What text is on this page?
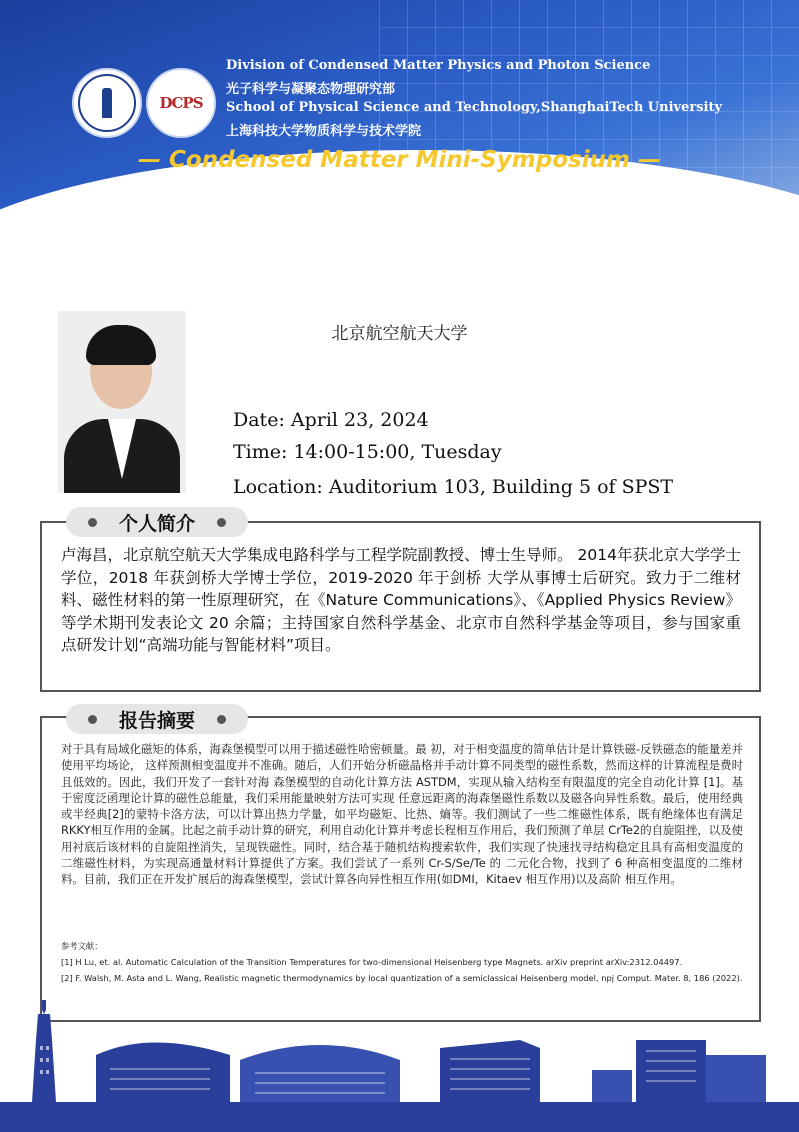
DCPS
Division of Condensed Matter Physics and Photon Science
光子科学与凝聚态物理研究部
School of Physical Science and Technology,ShanghaiTech University
上海科技大学物质科学与技术学院
— Condensed Matter Mini-Symposium —
面向适用于海森堡模型磁性材料的自
动化相变温度计算
卢海昌 副教授
北京航空航天大学
Date: April 23, 2024
Time: 14:00-15:00, Tuesday
Location: Auditorium 103, Building 5 of SPST
个人简介
卢海昌，北京航空航天大学集成电路科学与工程学院副教授、博士生导师。 2014年获北京大学学士学位，2018 年获剑桥大学博士学位，2019-2020 年于剑桥 大学从事博士后研究。致力于二维材料、磁性材料的第一性原理研究，在《Nature Communications》、《Applied Physics Review》等学术期刊发表论文 20 余篇；主持国家自然科学基金、北京市自然科学基金等项目，参与国家重点研发计划“高端功能与智能材料”项目。
报告摘要
对于具有局域化磁矩的体系，海森堡模型可以用于描述磁性哈密顿量。最 初，对于相变温度的简单估计是计算铁磁-反铁磁态的能量差并使用平均场论， 这样预测相变温度并不准确。随后，人们开始分析磁晶格并手动计算不同类型的磁性系数，然而这样的计算流程是费时且低效的。因此，我们开发了一套针对海 森堡模型的自动化计算方法 ASTDM，实现从输入结构至有限温度的完全自动化计算 [1]。基于密度泛函理论计算的磁性总能量，我们采用能量映射方法可实现 任意远距离的海森堡磁性系数以及磁各向异性系数。最后，使用经典或半经典[2]的蒙特卡洛方法，可以计算出热力学量，如平均磁矩、比热、熵等。我们测试了一些二维磁性体系，既有绝缘体也有满足RKKY相互作用的金属。比起之前手动计算的研究，利用自动化计算并考虑长程相互作用后，我们预测了单层 CrTe2的自旋阻挫，以及使用衬底后该材料的自旋阻挫消失，呈现铁磁性。同时，结合基于随机结构搜索软件，我们实现了快速找寻结构稳定且具有高相变温度的二维磁性材料，为实现高通量材料计算提供了方案。我们尝试了一系列 Cr-S/Se/Te 的 二元化合物，找到了 6 种高相变温度的二维材料。目前，我们正在开发扩展后的海森堡模型，尝试计算各向异性相互作用(如DMI，Kitaev 相互作用)以及高阶 相互作用。
参考文献：
[1] H Lu, et. al. Automatic Calculation of the Transition Temperatures for two-dimensional Heisenberg type Magnets. arXiv preprint arXiv:2312.04497.
[2] F. Walsh, M. Asta and L. Wang, Realistic magnetic thermodynamics by local quantization of a semiclassical Heisenberg model, npj Comput. Mater. 8, 186 (2022).
